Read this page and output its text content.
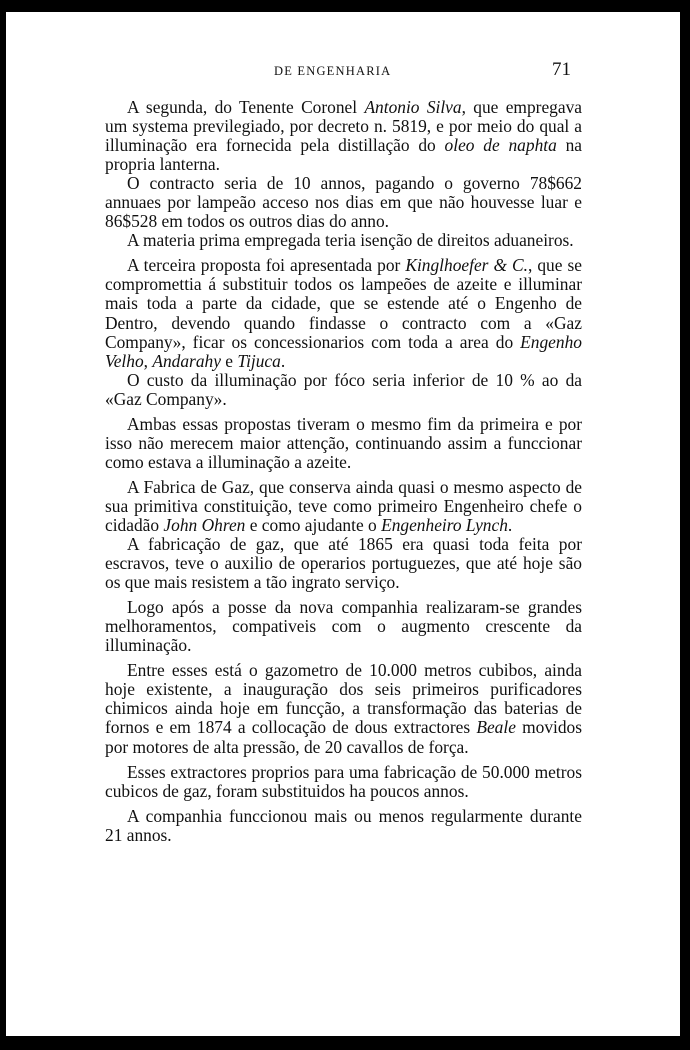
DE ENGENHARIA	71

A segunda, do Tenente Coronel Antonio Silva, que empregava um systema previlegiado, por decreto n. 5819, e por meio do qual a illuminação era fornecida pela distillação do oleo de naphta na propria lanterna.

O contracto seria de 10 annos, pagando o governo 78$662 annuaes por lampeão acceso nos dias em que não houvesse luar e 86$528 em todos os outros dias do anno.

A materia prima empregada teria isenção de direitos aduaneiros.

A terceira proposta foi apresentada por Kinglhoefer & C., que se compromettia á substituir todos os lampeões de azeite e illuminar mais toda a parte da cidade, que se estende até o Engenho de Dentro, devendo quando findasse o contracto com a «Gaz Company», ficar os concessionarios com toda a area do Engenho Velho, Andarahy e Tijuca.

O custo da illuminação por fóco seria inferior de 10 % ao da «Gaz Company».

Ambas essas propostas tiveram o mesmo fim da primeira e por isso não merecem maior attenção, continuando assim a funccionar como estava a illuminação a azeite.

A Fabrica de Gaz, que conserva ainda quasi o mesmo aspecto de sua primitiva constituição, teve como primeiro Engenheiro chefe o cidadão John Ohren e como ajudante o Engenheiro Lynch.

A fabricação de gaz, que até 1865 era quasi toda feita por escravos, teve o auxilio de operarios portuguezes, que até hoje são os que mais resistem a tão ingrato serviço.

Logo após a posse da nova companhia realizaram-se grandes melhoramentos, compativeis com o augmento crescente da illuminação.

Entre esses está o gazometro de 10.000 metros cubibos, ainda hoje existente, a inauguração dos seis primeiros purificadores chimicos ainda hoje em funcção, a transformação das baterias de fornos e em 1874 a collocação de dous extractores Beale movidos por motores de alta pressão, de 20 cavallos de força.

Esses extractores proprios para uma fabricação de 50.000 metros cubicos de gaz, foram substituidos ha poucos annos.

A companhia funccionou mais ou menos regularmente durante 21 annos.
